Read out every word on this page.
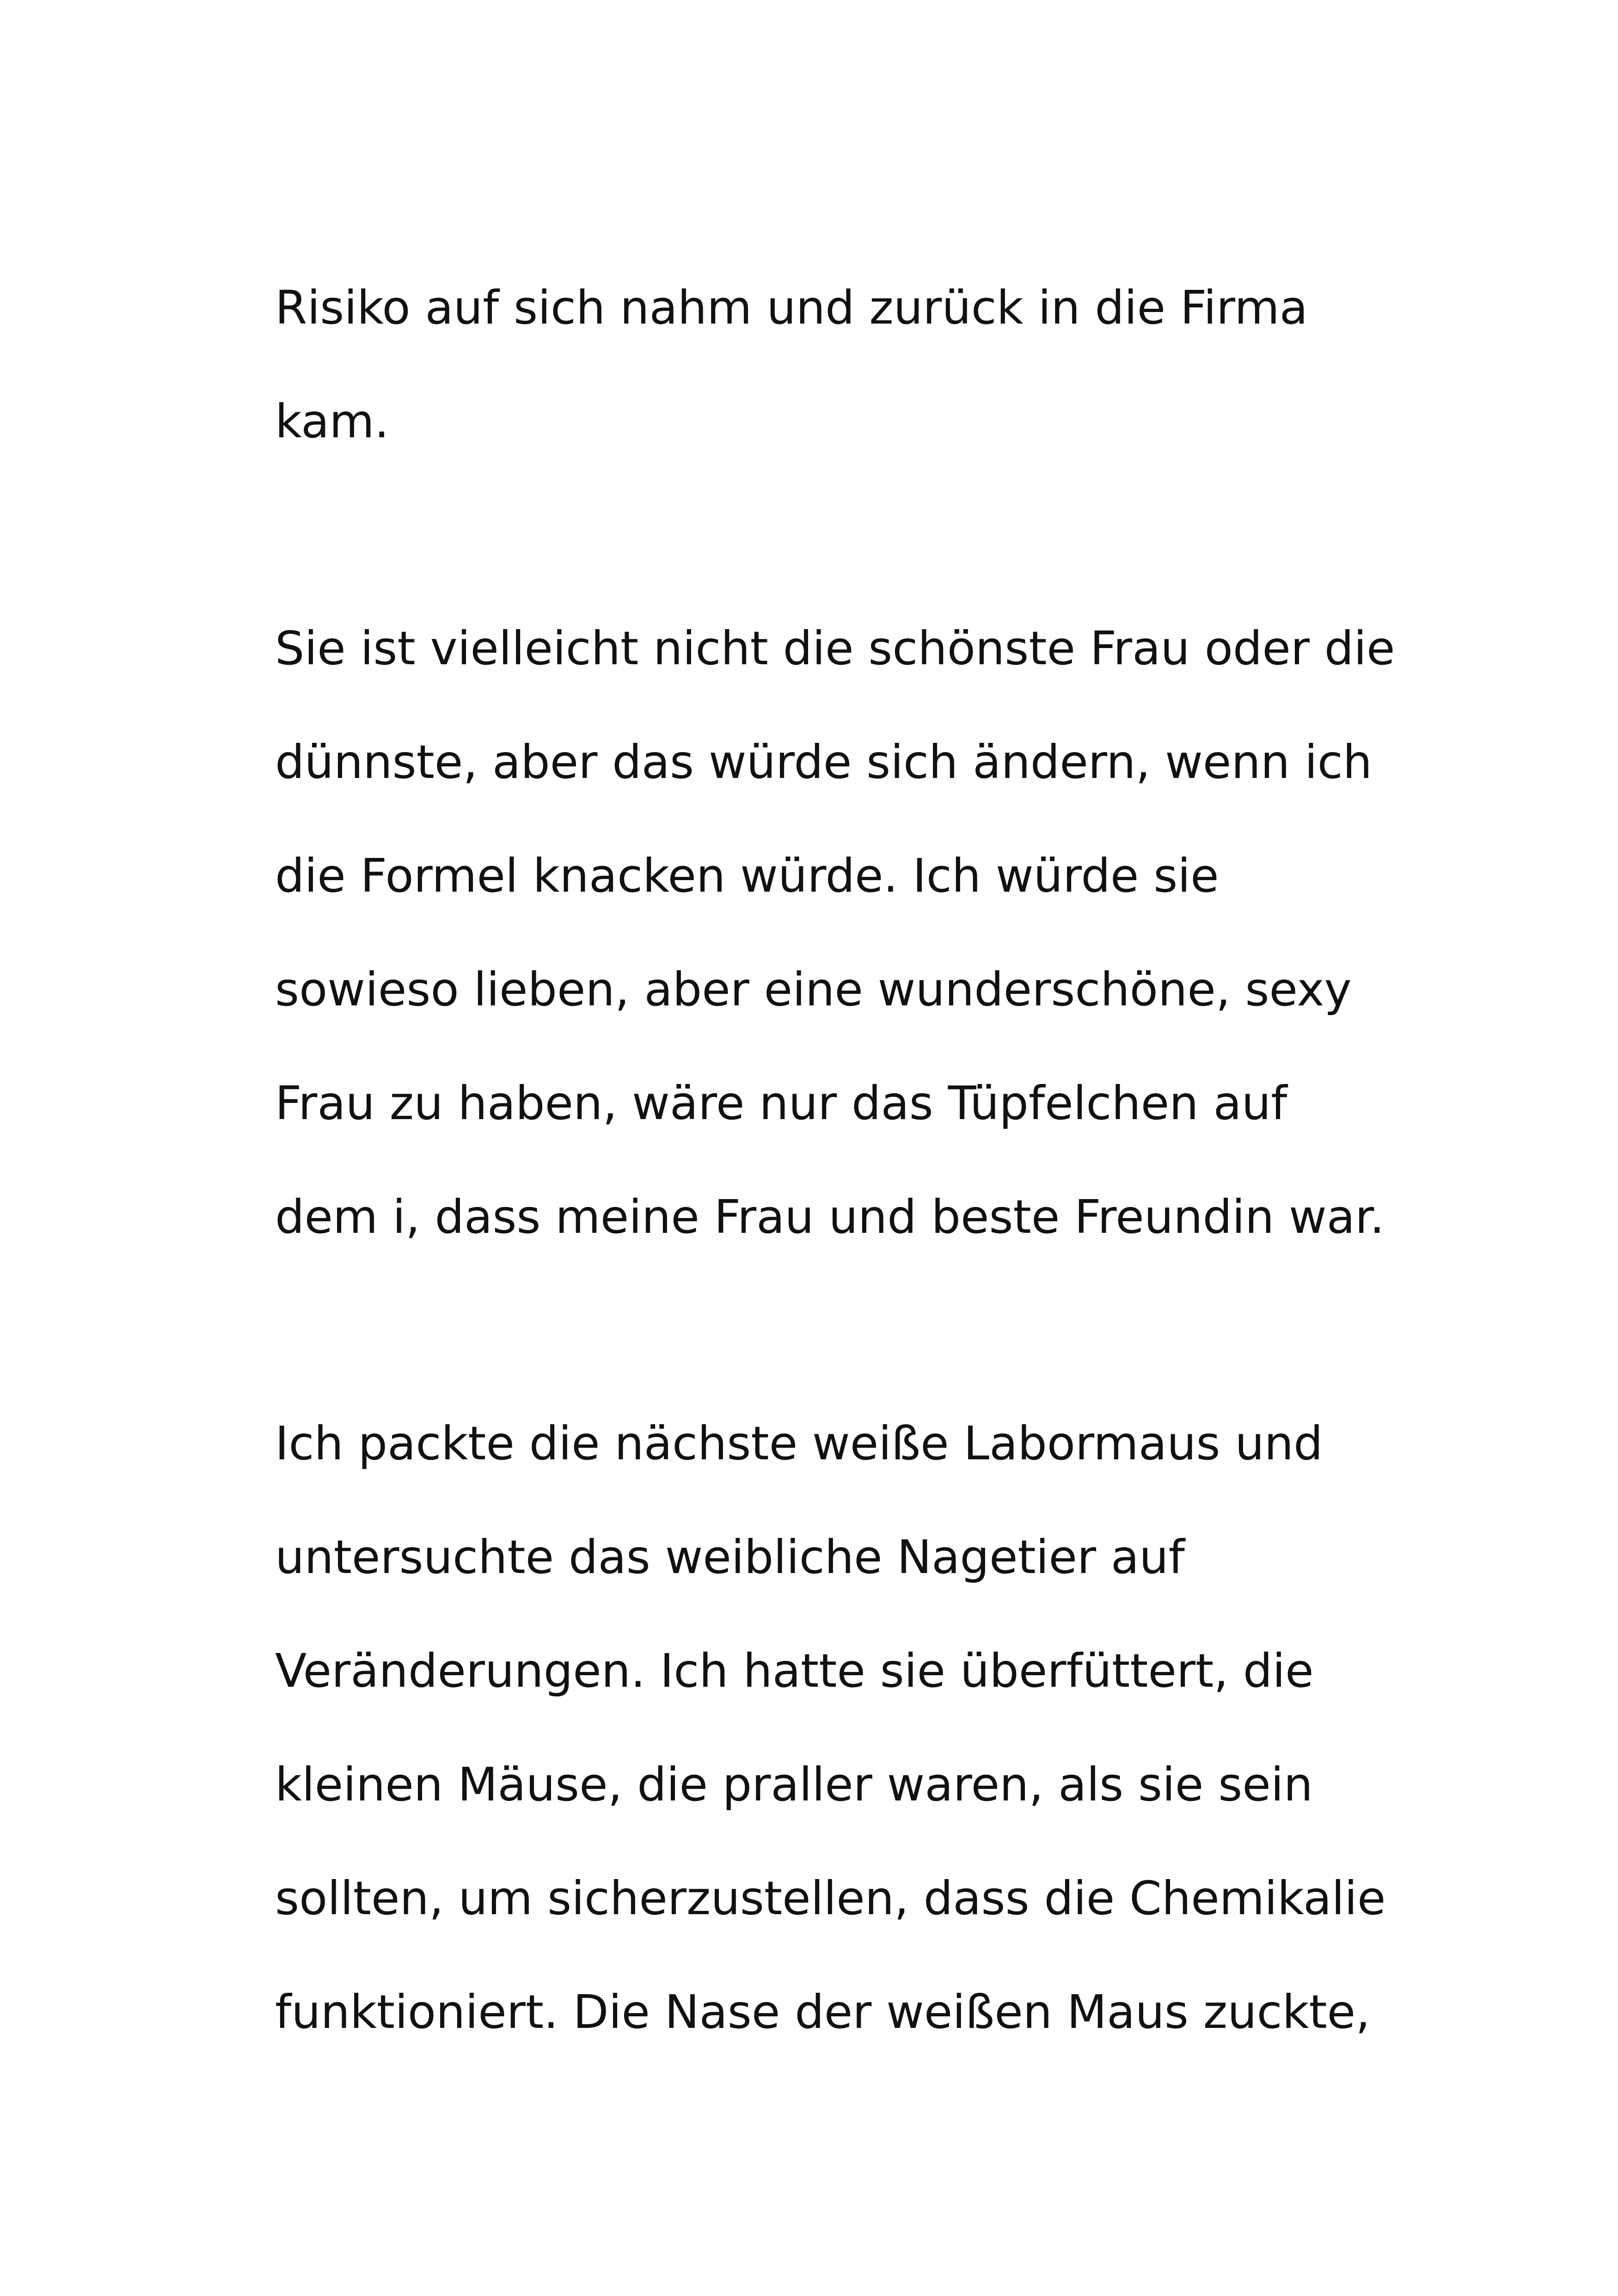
Risiko auf sich nahm und zurück in die Firma
kam.
Sie ist vielleicht nicht die schönste Frau oder die
dünnste, aber das würde sich ändern, wenn ich
die Formel knacken würde. Ich würde sie
sowieso lieben, aber eine wunderschöne, sexy
Frau zu haben, wäre nur das Tüpfelchen auf
dem i, dass meine Frau und beste Freundin war.
Ich packte die nächste weiße Labormaus und
untersuchte das weibliche Nagetier auf
Veränderungen. Ich hatte sie überfüttert, die
kleinen Mäuse, die praller waren, als sie sein
sollten, um sicherzustellen, dass die Chemikalie
funktioniert. Die Nase der weißen Maus zuckte,
